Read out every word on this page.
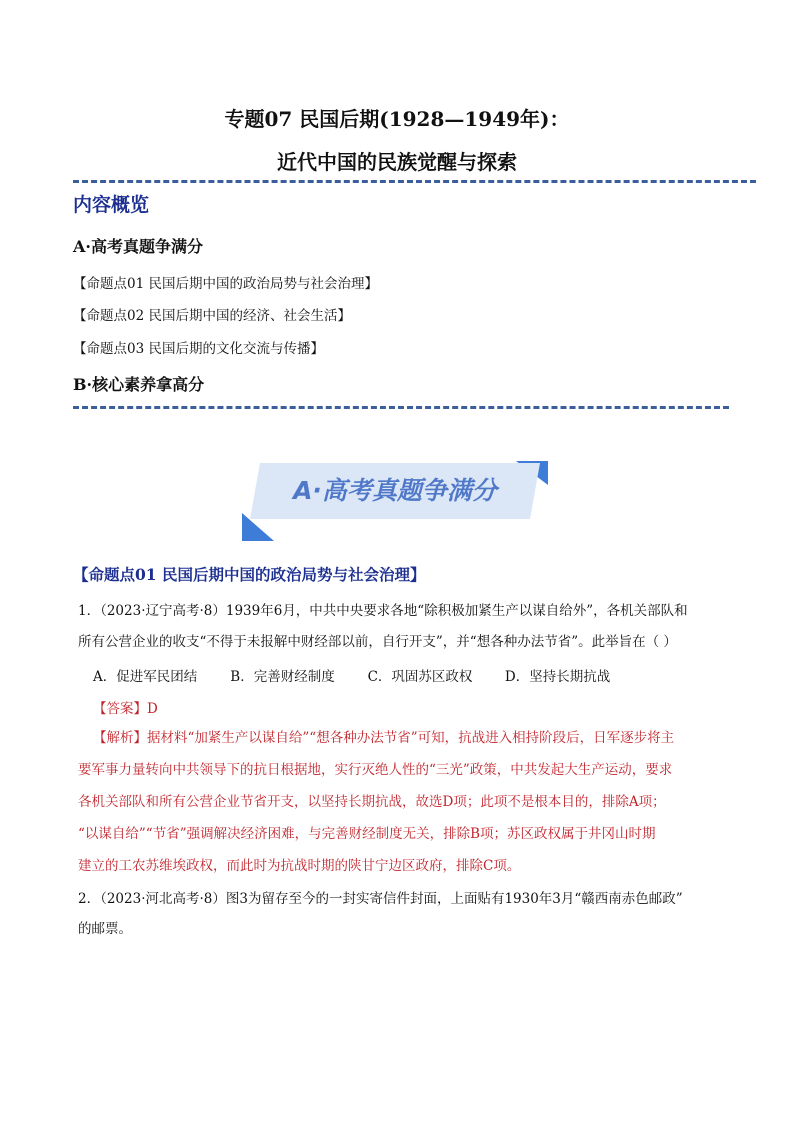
专题07 民国后期(1928—1949年)：
近代中国的民族觉醒与探索
内容概览
A·高考真题争满分
【命题点01 民国后期中国的政治局势与社会治理】
【命题点02 民国后期中国的经济、社会生活】
【命题点03 民国后期的文化交流与传播】
B·核心素养拿高分
A·高考真题争满分
【命题点01 民国后期中国的政治局势与社会治理】
1．（2023·辽宁高考·8）1939年6月，中共中央要求各地“除积极加紧生产以谋自给外”，各机关部队和
所有公营企业的收支“不得于未报解中财经部以前，自行开支”，并“想各种办法节省”。此举旨在（ ）
A．促进军民团结 B．完善财经制度 C．巩固苏区政权 D．坚持长期抗战
【答案】D
【解析】据材料“加紧生产以谋自给”“想各种办法节省”可知，抗战进入相持阶段后，日军逐步将主
要军事力量转向中共领导下的抗日根据地，实行灭绝人性的“三光”政策，中共发起大生产运动，要求
各机关部队和所有公营企业节省开支，以坚持长期抗战，故选D项；此项不是根本目的，排除A项；
“以谋自给”“节省”强调解决经济困难，与完善财经制度无关，排除B项；苏区政权属于井冈山时期
建立的工农苏维埃政权，而此时为抗战时期的陕甘宁边区政府，排除C项。
2．（2023·河北高考·8）图3为留存至今的一封实寄信件封面，上面贴有1930年3月“赣西南赤色邮政”
的邮票。
